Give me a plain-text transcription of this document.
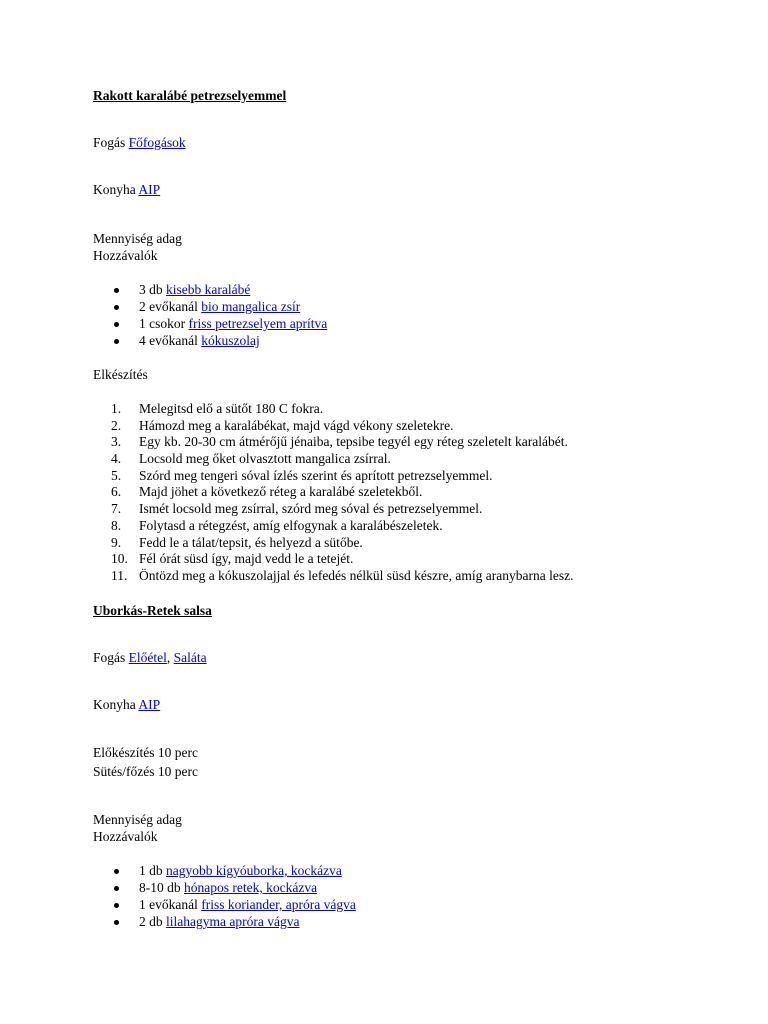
Rakott karalábé petrezselyemmel
Fogás Főfogások
Konyha AIP
Mennyiség adag
Hozzávalók
3 db kisebb karalábé
2 evőkanál bio mangalica zsír
1 csokor friss petrezselyem aprítva
4 evőkanál kókuszolaj
Elkészítés
1.	Melegitsd elő a sütőt 180 C fokra.
2.	Hámozd meg a karalábékat, majd vágd vékony szeletekre.
3.	Egy kb. 20-30 cm átmérőjű jénaiba, tepsibe tegyél egy réteg szeletelt karalábét.
4.	Locsold meg őket olvasztott mangalica zsírral.
5.	Szórd meg tengeri sóval ízlés szerint és aprított petrezselyemmel.
6.	Majd jöhet a következő réteg a karalábé szeletekből.
7.	Ismét locsold meg zsírral, szórd meg sóval és petrezselyemmel.
8.	Folytasd a rétegzést, amíg elfogynak a karalábészeletek.
9.	Fedd le a tálat/tepsit, és helyezd a sütőbe.
10. Fél órát süsd így, majd vedd le a tetejét.
11. Öntözd meg a kókuszolajjal és lefedés nélkül süsd készre, amíg aranybarna lesz.
Uborkás-Retek salsa
Fogás Előétel, Saláta
Konyha AIP
Előkészítés 10 perc
Sütés/főzés 10 perc
Mennyiség adag
Hozzávalók
1 db nagyobb kígyóuborka, kockázva
8-10 db hónapos retek, kockázva
1 evőkanál friss koriander, apróra vágva
2 db lilahagyma apróra vágva
